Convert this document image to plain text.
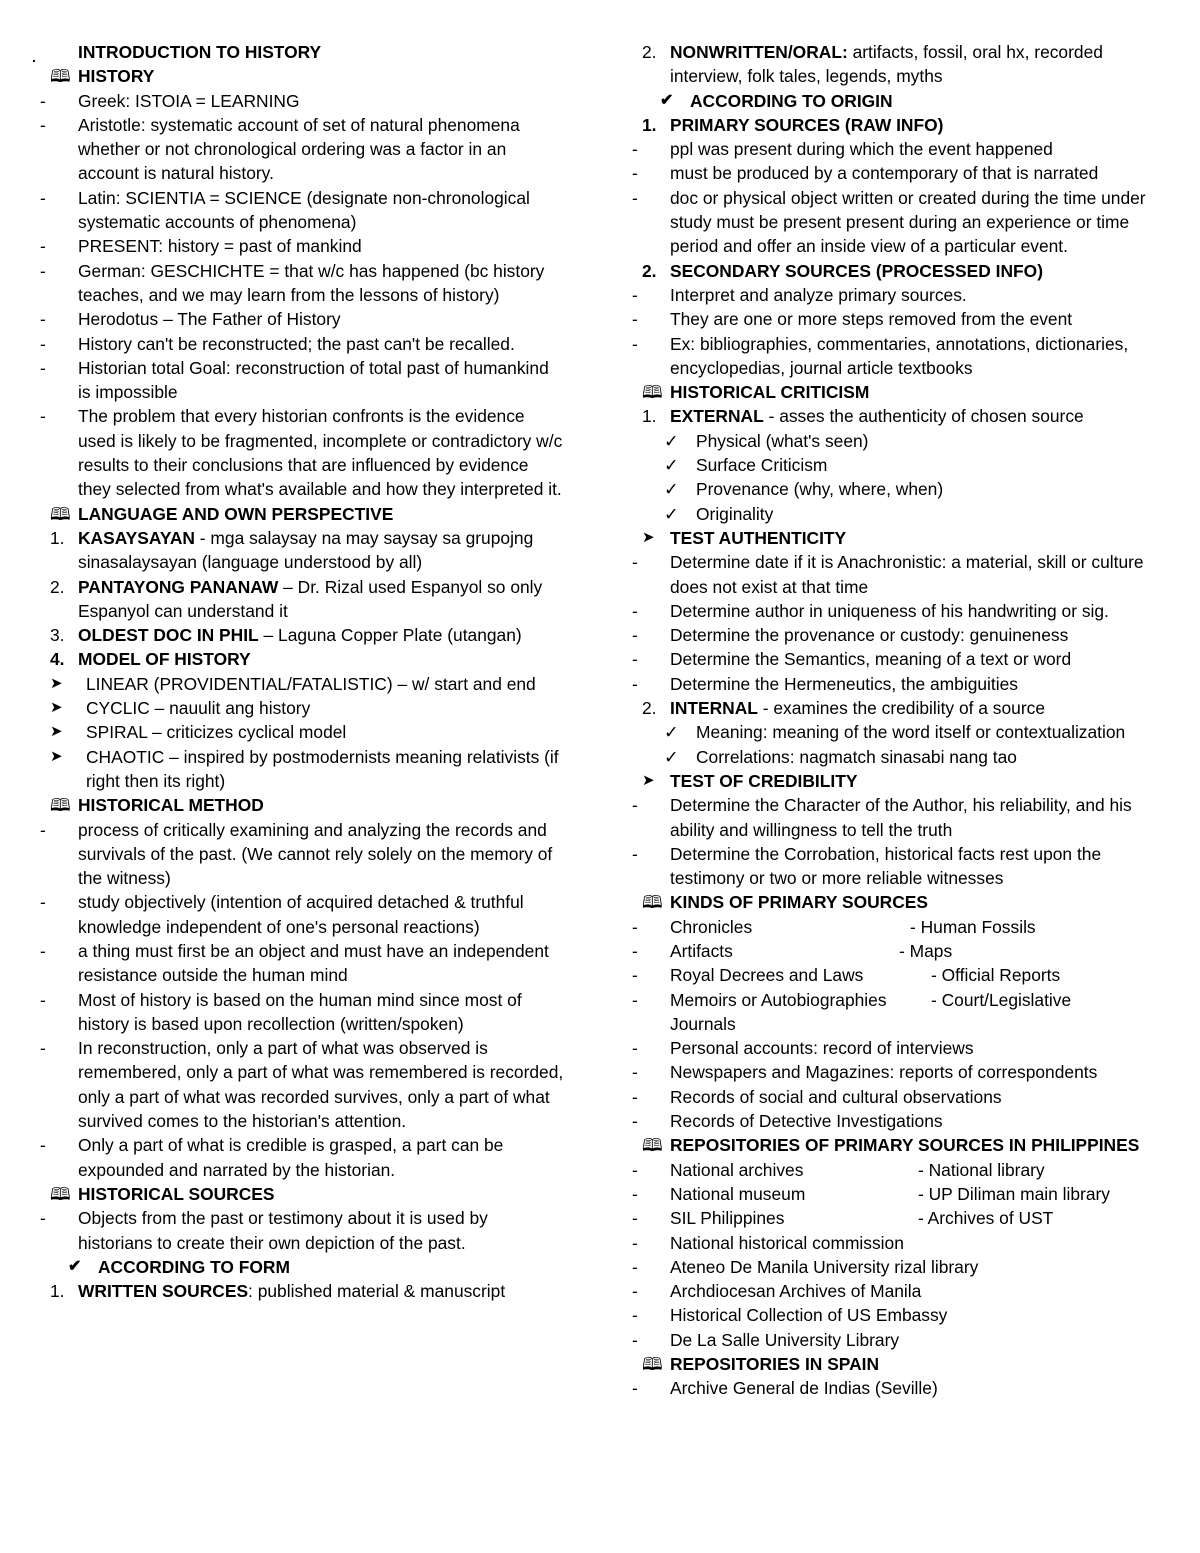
. INTRODUCTION TO HISTORY
🕮 HISTORY
-	Greek: ISTOIA = LEARNING
-	Aristotle: systematic account of set of natural phenomena whether or not chronological ordering was a factor in an account is natural history.
-	Latin: SCIENTIA = SCIENCE (designate non-chronological systematic accounts of phenomena)
-	PRESENT: history = past of mankind
-	German: GESCHICHTE = that w/c has happened (bc history teaches, and we may learn from the lessons of history)
-	Herodotus – The Father of History
-	History can't be reconstructed; the past can't be recalled.
-	Historian total Goal: reconstruction of total past of humankind is impossible
-	The problem that every historian confronts is the evidence used is likely to be fragmented, incomplete or contradictory w/c results to their conclusions that are influenced by evidence they selected from what's available and how they interpreted it.
🕮 LANGUAGE AND OWN PERSPECTIVE
1. KASAYSAYAN - mga salaysay na may saysay sa grupojng sinasalaysayan (language understood by all)
2. PANTAYONG PANANAW – Dr. Rizal used Espanyol so only Espanyol can understand it
3. OLDEST DOC IN PHIL – Laguna Copper Plate (utangan)
4. MODEL OF HISTORY
➤	LINEAR (PROVIDENTIAL/FATALISTIC) – w/ start and end
➤	CYCLIC – nauulit ang history
➤	SPIRAL – criticizes cyclical model
➤	CHAOTIC – inspired by postmodernists meaning relativists (if right then its right)
🕮 HISTORICAL METHOD
-	process of critically examining and analyzing the records and survivals of the past. (We cannot rely solely on the memory of the witness)
-	study objectively (intention of acquired detached & truthful knowledge independent of one's personal reactions)
-	a thing must first be an object and must have an independent resistance outside the human mind
-	Most of history is based on the human mind since most of history is based upon recollection (written/spoken)
-	In reconstruction, only a part of what was observed is remembered, only a part of what was remembered is recorded, only a part of what was recorded survives, only a part of what survived comes to the historian's attention.
-	Only a part of what is credible is grasped, a part can be expounded and narrated by the historian.
🕮 HISTORICAL SOURCES
-	Objects from the past or testimony about it is used by historians to create their own depiction of the past.
✔ ACCORDING TO FORM
1. WRITTEN SOURCES: published material & manuscript
2. NONWRITTEN/ORAL: artifacts, fossil, oral hx, recorded interview, folk tales, legends, myths
✔ ACCORDING TO ORIGIN
1. PRIMARY SOURCES (RAW INFO)
-	ppl was present during which the event happened
-	must be produced by a contemporary of that is narrated
-	doc or physical object written or created during the time under study must be present present during an experience or time period and offer an inside view of a particular event.
2. SECONDARY SOURCES (PROCESSED INFO)
-	Interpret and analyze primary sources.
-	They are one or more steps removed from the event
-	Ex: bibliographies, commentaries, annotations, dictionaries, encyclopedias, journal article textbooks
🕮 HISTORICAL CRITICISM
1. EXTERNAL - asses the authenticity of chosen source
✓	Physical (what's seen)
✓	Surface Criticism
✓	Provenance (why, where, when)
✓	Originality
➤ TEST AUTHENTICITY
-	Determine date if it is Anachronistic: a material, skill or culture does not exist at that time
-	Determine author in uniqueness of his handwriting or sig.
-	Determine the provenance or custody: genuineness
-	Determine the Semantics, meaning of a text or word
-	Determine the Hermeneutics, the ambiguities
2. INTERNAL - examines the credibility of a source
✓	Meaning: meaning of the word itself or contextualization
✓	Correlations: nagmatch sinasabi nang tao
➤ TEST OF CREDIBILITY
-	Determine the Character of the Author, his reliability, and his ability and willingness to tell the truth
-	Determine the Corrobation, historical facts rest upon the testimony or two or more reliable witnesses
🕮 KINDS OF PRIMARY SOURCES
-	Chronicles	- Human Fossils
-	Artifacts	- Maps
-	Royal Decrees and Laws	- Official Reports
-	Memoirs or Autobiographies	- Court/Legislative
Journals
-	Personal accounts: record of interviews
-	Newspapers and Magazines: reports of correspondents
-	Records of social and cultural observations
-	Records of Detective Investigations
🕮 REPOSITORIES OF PRIMARY SOURCES IN PHILIPPINES
-	National archives	- National library
-	National museum	- UP Diliman main library
-	SIL Philippines	- Archives of UST
-	National historical commission
-	Ateneo De Manila University rizal library
-	Archdiocesan Archives of Manila
-	Historical Collection of US Embassy
-	De La Salle University Library
🕮 REPOSITORIES IN SPAIN
-	Archive General de Indias (Seville)
